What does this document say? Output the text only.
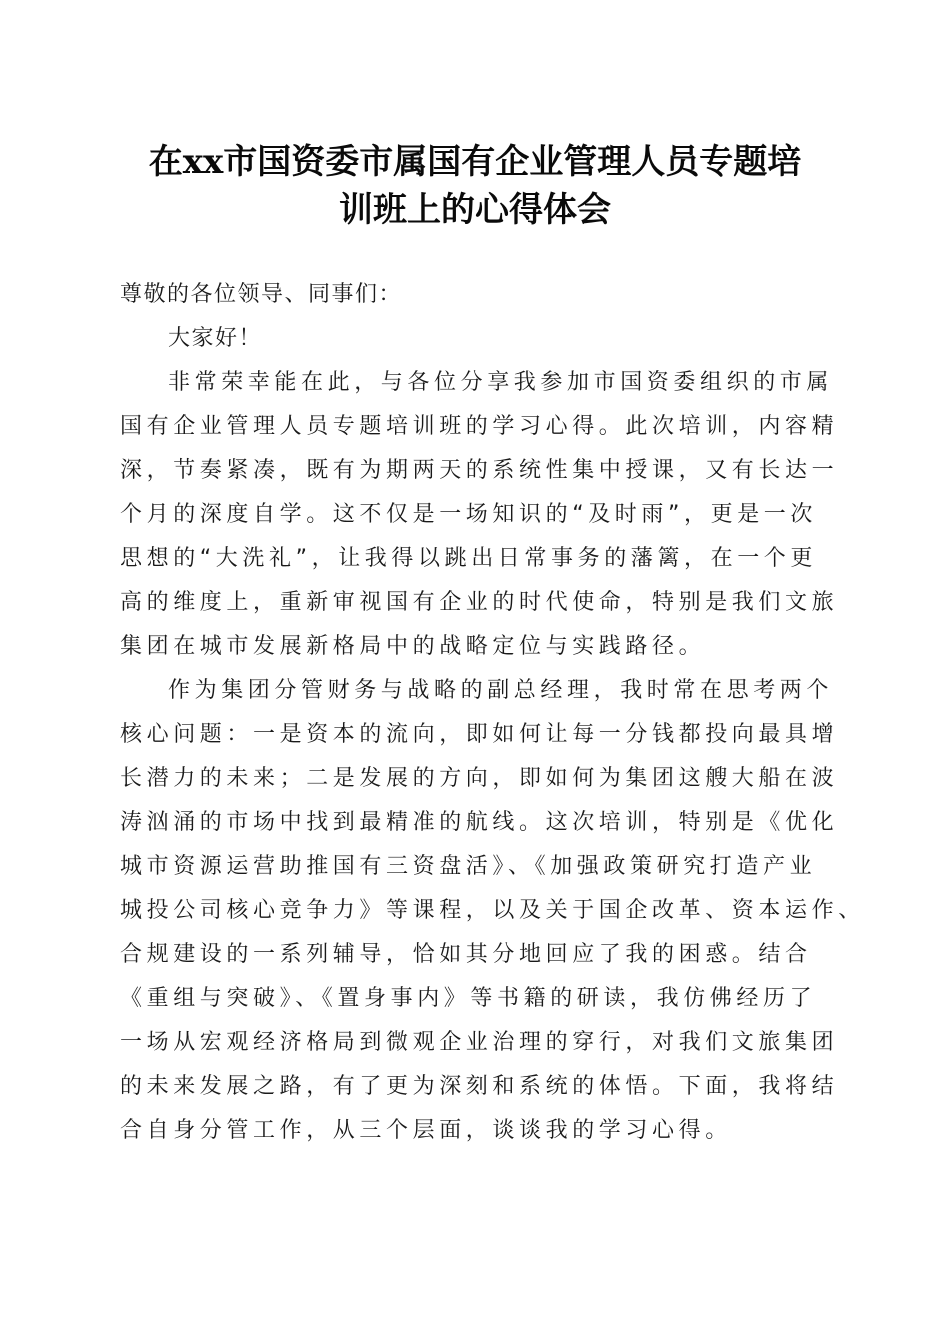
在xx市国资委市属国有企业管理人员专题培
训班上的心得体会
尊敬的各位领导、同事们：
大家好！
非常荣幸能在此，与各位分享我参加市国资委组织的市属
国有企业管理人员专题培训班的学习心得。此次培训，内容精
深，节奏紧凑，既有为期两天的系统性集中授课，又有长达一
个月的深度自学。这不仅是一场知识的“及时雨”，更是一次
思想的“大洗礼”，让我得以跳出日常事务的藩篱，在一个更
高的维度上，重新审视国有企业的时代使命，特别是我们文旅
集团在城市发展新格局中的战略定位与实践路径。
作为集团分管财务与战略的副总经理，我时常在思考两个
核心问题：一是资本的流向，即如何让每一分钱都投向最具增
长潜力的未来；二是发展的方向，即如何为集团这艘大船在波
涛汹涌的市场中找到最精准的航线。这次培训，特别是《优化
城市资源运营助推国有三资盘活》、《加强政策研究打造产业
城投公司核心竞争力》等课程，以及关于国企改革、资本运作、
合规建设的一系列辅导，恰如其分地回应了我的困惑。结合
《重组与突破》、《置身事内》等书籍的研读，我仿佛经历了
一场从宏观经济格局到微观企业治理的穿行，对我们文旅集团
的未来发展之路，有了更为深刻和系统的体悟。下面，我将结
合自身分管工作，从三个层面，谈谈我的学习心得。
